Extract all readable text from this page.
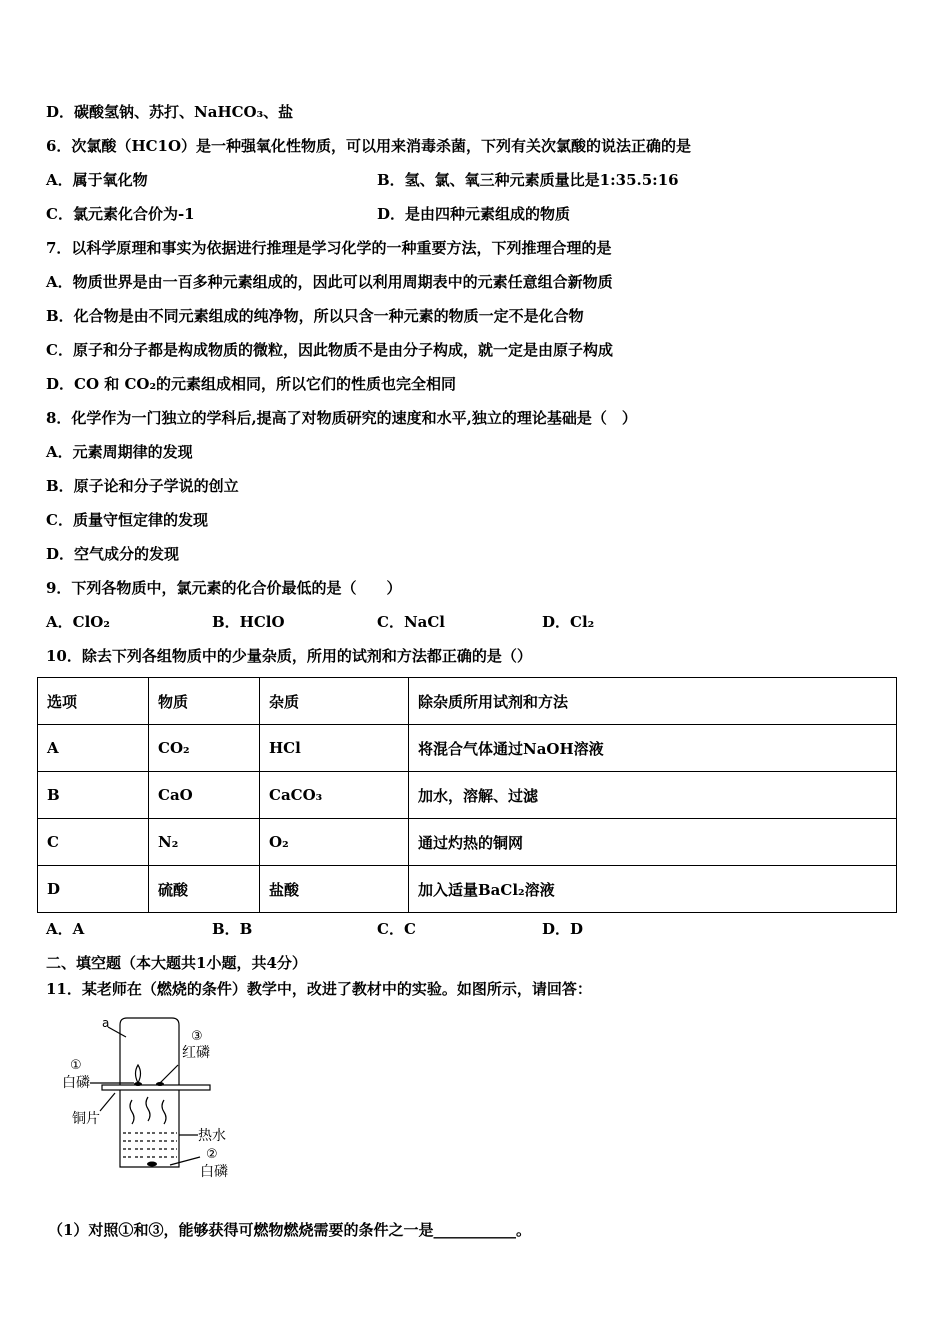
D．碳酸氢钠、苏打、NaHCO₃、盐
6．次氯酸（HC1O）是一种强氧化性物质，可以用来消毒杀菌，下列有关次氯酸的说法正确的是
A．属于氧化物	B．氢、氯、氧三种元素质量比是1:35.5:16
C．氯元素化合价为-1	D．是由四种元素组成的物质
7．以科学原理和事实为依据进行推理是学习化学的一种重要方法，下列推理合理的是
A．物质世界是由一百多种元素组成的，因此可以利用周期表中的元素任意组合新物质
B．化合物是由不同元素组成的纯净物，所以只含一种元素的物质一定不是化合物
C．原子和分子都是构成物质的微粒，因此物质不是由分子构成，就一定是由原子构成
D．CO 和 CO₂的元素组成相同，所以它们的性质也完全相同
8．化学作为一门独立的学科后,提高了对物质研究的速度和水平,独立的理论基础是（　）
A．元素周期律的发现
B．原子论和分子学说的创立
C．质量守恒定律的发现
D．空气成分的发现
9．下列各物质中，氯元素的化合价最低的是（　　）
A．ClO₂	B．HClO	C．NaCl	D．Cl₂
10．除去下列各组物质中的少量杂质，所用的试剂和方法都正确的是（）
选项	物质	杂质	除杂质所用试剂和方法
A	CO₂	HCl	将混合气体通过NaOH溶液
B	CaO	CaCO₃	加水，溶解、过滤
C	N₂	O₂	通过灼热的铜网
D	硫酸	盐酸	加入适量BaCl₂溶液
A．A	B．B	C．C	D．D
二、填空题（本大题共1小题，共4分）
11．某老师在（燃烧的条件）教学中，改进了教材中的实验。如图所示，请回答：
a
③
红磷
①
白磷
铜片
热水
②
白磷
（1）对照①和③，能够获得可燃物燃烧需要的条件之一是___________。
